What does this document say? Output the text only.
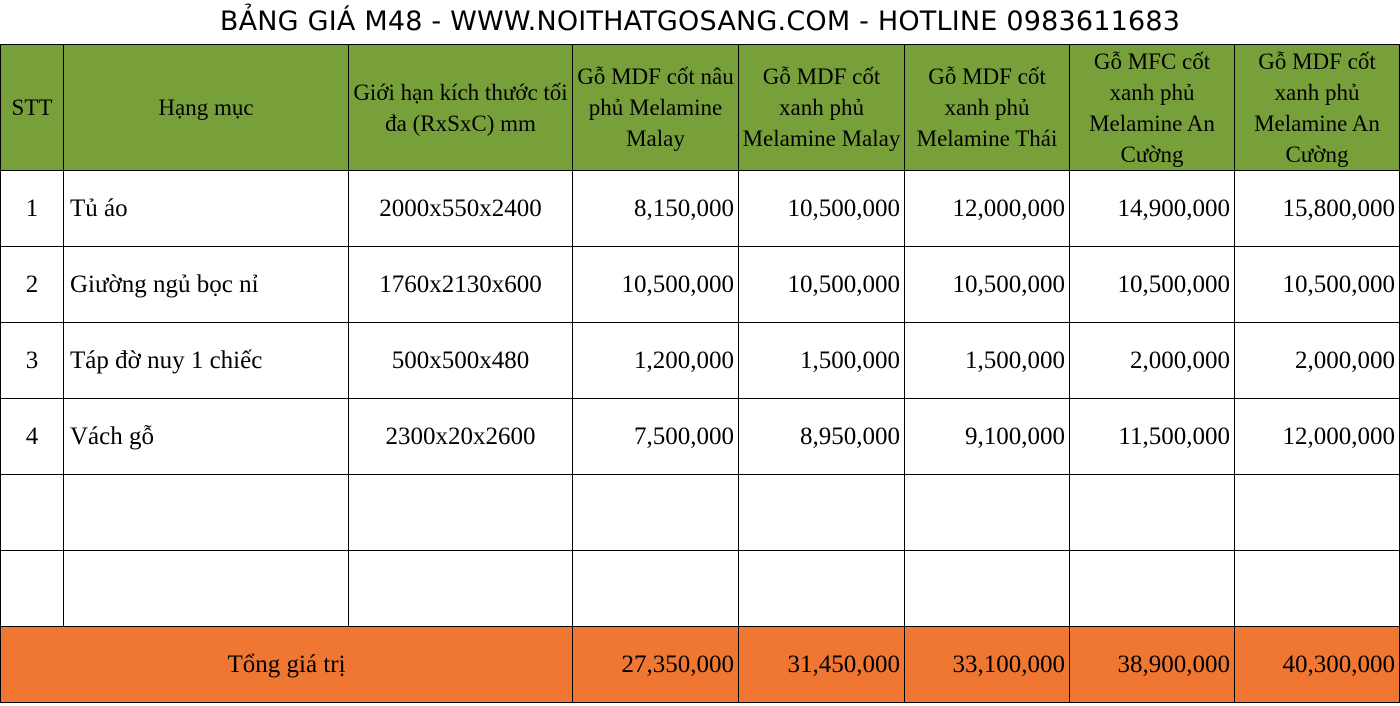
BẢNG GIÁ M48 - WWW.NOITHATGOSANG.COM - HOTLINE 0983611683
STT	Hạng mục	Giới hạn kích thước tối đa (RxSxC) mm	Gỗ MDF cốt nâu phủ Melamine Malay	Gỗ MDF cốt xanh phủ Melamine Malay	Gỗ MDF cốt xanh phủ Melamine Thái	Gỗ MFC cốt xanh phủ Melamine An Cường	Gỗ MDF cốt xanh phủ Melamine An Cường
1	Tủ áo	2000x550x2400	8,150,000	10,500,000	12,000,000	14,900,000	15,800,000
2	Giường ngủ bọc nỉ	1760x2130x600	10,500,000	10,500,000	10,500,000	10,500,000	10,500,000
3	Táp đờ nuy 1 chiếc	500x500x480	1,200,000	1,500,000	1,500,000	2,000,000	2,000,000
4	Vách gỗ	2300x20x2600	7,500,000	8,950,000	9,100,000	11,500,000	12,000,000

Tổng giá trị			27,350,000	31,450,000	33,100,000	38,900,000	40,300,000
